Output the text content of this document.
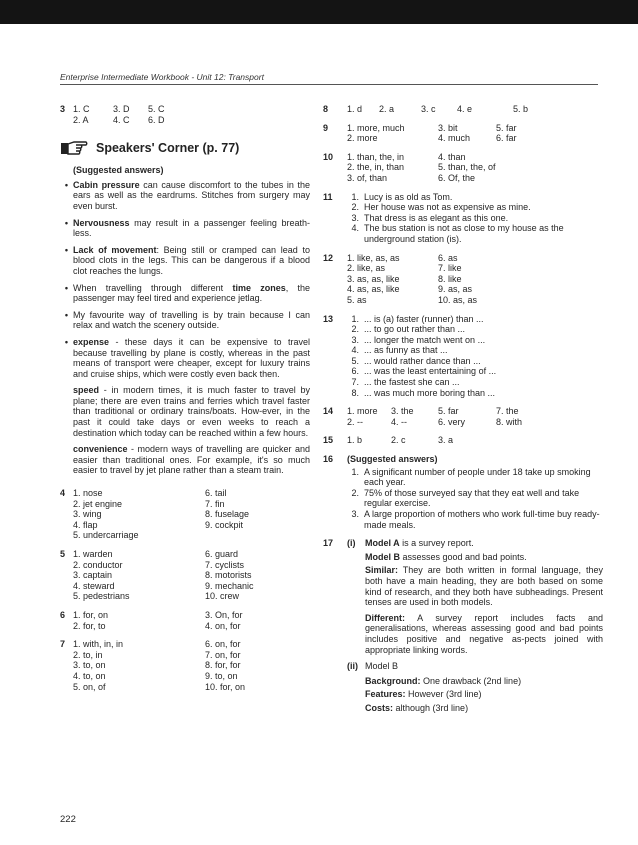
Enterprise Intermediate Workbook - Unit 12: Transport
3 1. C	3. D 5. C
2. A	4. C 6. D
Speakers' Corner (p. 77)
(Suggested answers)
• Cabin pressure can cause discomfort to the tubes in the ears as well as the eardrums. Stitches from surgery may even burst.
• Nervousness may result in a passenger feeling breath-less.
• Lack of movement: Being still or cramped can lead to blood clots in the legs. This can be dangerous if a blood clot reaches the lungs.
• When travelling through different time zones, the passenger may feel tired and experience jetlag.
• My favourite way of travelling is by train because I can relax and watch the scenery outside.
• expense - these days it can be expensive to travel because travelling by plane is costly, whereas in the past means of transport were cheaper, except for luxury trains and cruise ships, which were costly even back then.
speed - in modern times, it is much faster to travel by plane; there are even trains and ferries which travel faster than traditional or ordinary trains/boats. How-ever, in the past it could take days or even weeks to reach a destination which today can be reached within a few hours.
convenience - modern ways of travelling are quicker and easier than traditional ones. For example, it's so much easier to travel by jet plane rather than a steam train.
4 1. nose	6. tail
2. jet engine	7. fin
3. wing	8. fuselage
4. flap	9. cockpit
5. undercarriage
5 1. warden	6. guard
2. conductor	7. cyclists
3. captain	8. motorists
4. steward	9. mechanic
5. pedestrians	10. crew
6 1. for, on	3. On, for
2. for, to	4. on, for
7 1. with, in, in	6. on, for
2. to, in	7. on, for
3. to, on	8. for, for
4. to, on	9. to, on
5. on, of	10. for, on
8	1. d 2. a	3. c 4. e	5. b
9	1. more, much	3. bit	5. far
2. more	4. much	6. far
10	1. than, the, in	4. than
2. the, in, than	5. than, the, of
3. of, than	6. Of, the
11	1. Lucy is as old as Tom.
2. Her house was not as expensive as mine.
3. That dress is as elegant as this one.
4. The bus station is not as close to my house as the underground station (is).
12	1. like, as, as	6. as
2. like, as	7. like
3. as, as, like	8. like
4. as, as, like	9. as, as
5. as	10. as, as
13	1. ... is (a) faster (runner) than ...
2. ... to go out rather than ...
3. ... longer the match went on ...
4. ... as funny as that ...
5. ... would rather dance than ...
6. ... was the least entertaining of ...
7. ... the fastest she can ...
8. ... was much more boring than ...
14	1. more 3. the	5. far	7. the
2. --	4. --	6. very	8. with
15	1. b	2. c	3. a
16	(Suggested answers)
1. A significant number of people under 18 take up smoking each year.
2. 75% of those surveyed say that they eat well and take regular exercise.
3. A large proportion of mothers who work full-time buy ready-made meals.
17	(i)	Model A is a survey report.
Model B assesses good and bad points.
Similar: They are both written in formal language, they both have a main heading, they are both based on some kind of research, and they both have subheadings. Present tenses are used in both models.
Different: A survey report includes facts and generalisations, whereas assessing good and bad points includes positive and negative as-pects joined with appropriate linking words.
(ii) Model B
Background: One drawback (2nd line)
Features: However (3rd line)
Costs: although (3rd line)
222
